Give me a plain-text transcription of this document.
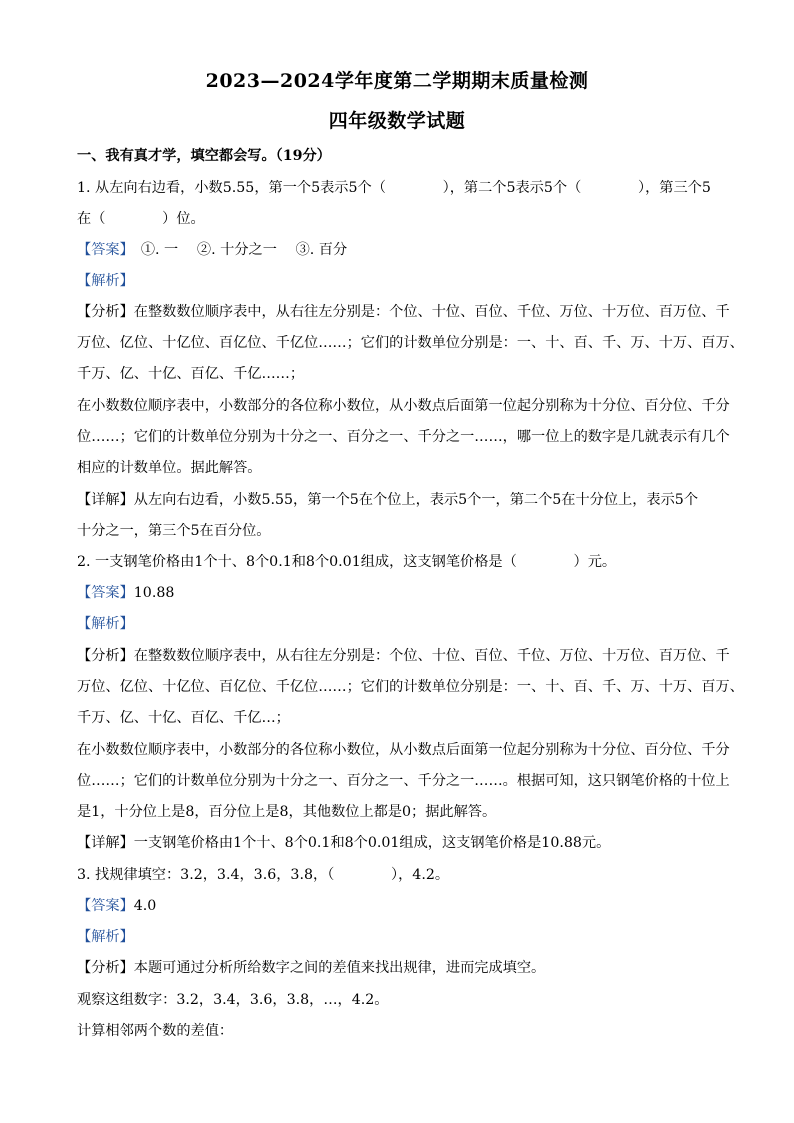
2023—2024学年度第二学期期末质量检测
四年级数学试题
一、我有真才学，填空都会写。（19分）
1. 从左向右边看，小数5.55，第一个5表示5个（　　　　），第二个5表示5个（　　　　），第三个5
在（　　　　）位。
【答案】　①. 一　 ②. 十分之一　 ③. 百分
【解析】
【分析】在整数数位顺序表中，从右往左分别是：个位、十位、百位、千位、万位、十万位、百万位、千
万位、亿位、十亿位、百亿位、千亿位……；它们的计数单位分别是：一、十、百、千、万、十万、百万、
千万、亿、十亿、百亿、千亿……；
在小数数位顺序表中，小数部分的各位称小数位，从小数点后面第一位起分别称为十分位、百分位、千分
位……；它们的计数单位分别为十分之一、百分之一、千分之一……，哪一位上的数字是几就表示有几个
相应的计数单位。据此解答。
【详解】从左向右边看，小数5.55，第一个5在个位上，表示5个一，第二个5在十分位上，表示5个
十分之一，第三个5在百分位。
2. 一支钢笔价格由1个十、8个0.1和8个0.01组成，这支钢笔价格是（　　　　）元。
【答案】10.88
【解析】
【分析】在整数数位顺序表中，从右往左分别是：个位、十位、百位、千位、万位、十万位、百万位、千
万位、亿位、十亿位、百亿位、千亿位……；它们的计数单位分别是：一、十、百、千、万、十万、百万、
千万、亿、十亿、百亿、千亿…；
在小数数位顺序表中，小数部分的各位称小数位，从小数点后面第一位起分别称为十分位、百分位、千分
位……；它们的计数单位分别为十分之一、百分之一、千分之一……。根据可知，这只钢笔价格的十位上
是1，十分位上是8，百分位上是8，其他数位上都是0；据此解答。
【详解】一支钢笔价格由1个十、8个0.1和8个0.01组成，这支钢笔价格是10.88元。
3. 找规律填空：3.2，3.4，3.6，3.8，（　　　　），4.2。
【答案】4.0
【解析】
【分析】本题可通过分析所给数字之间的差值来找出规律，进而完成填空。
观察这组数字：3.2，3.4，3.6，3.8，…，4.2。
计算相邻两个数的差值：
